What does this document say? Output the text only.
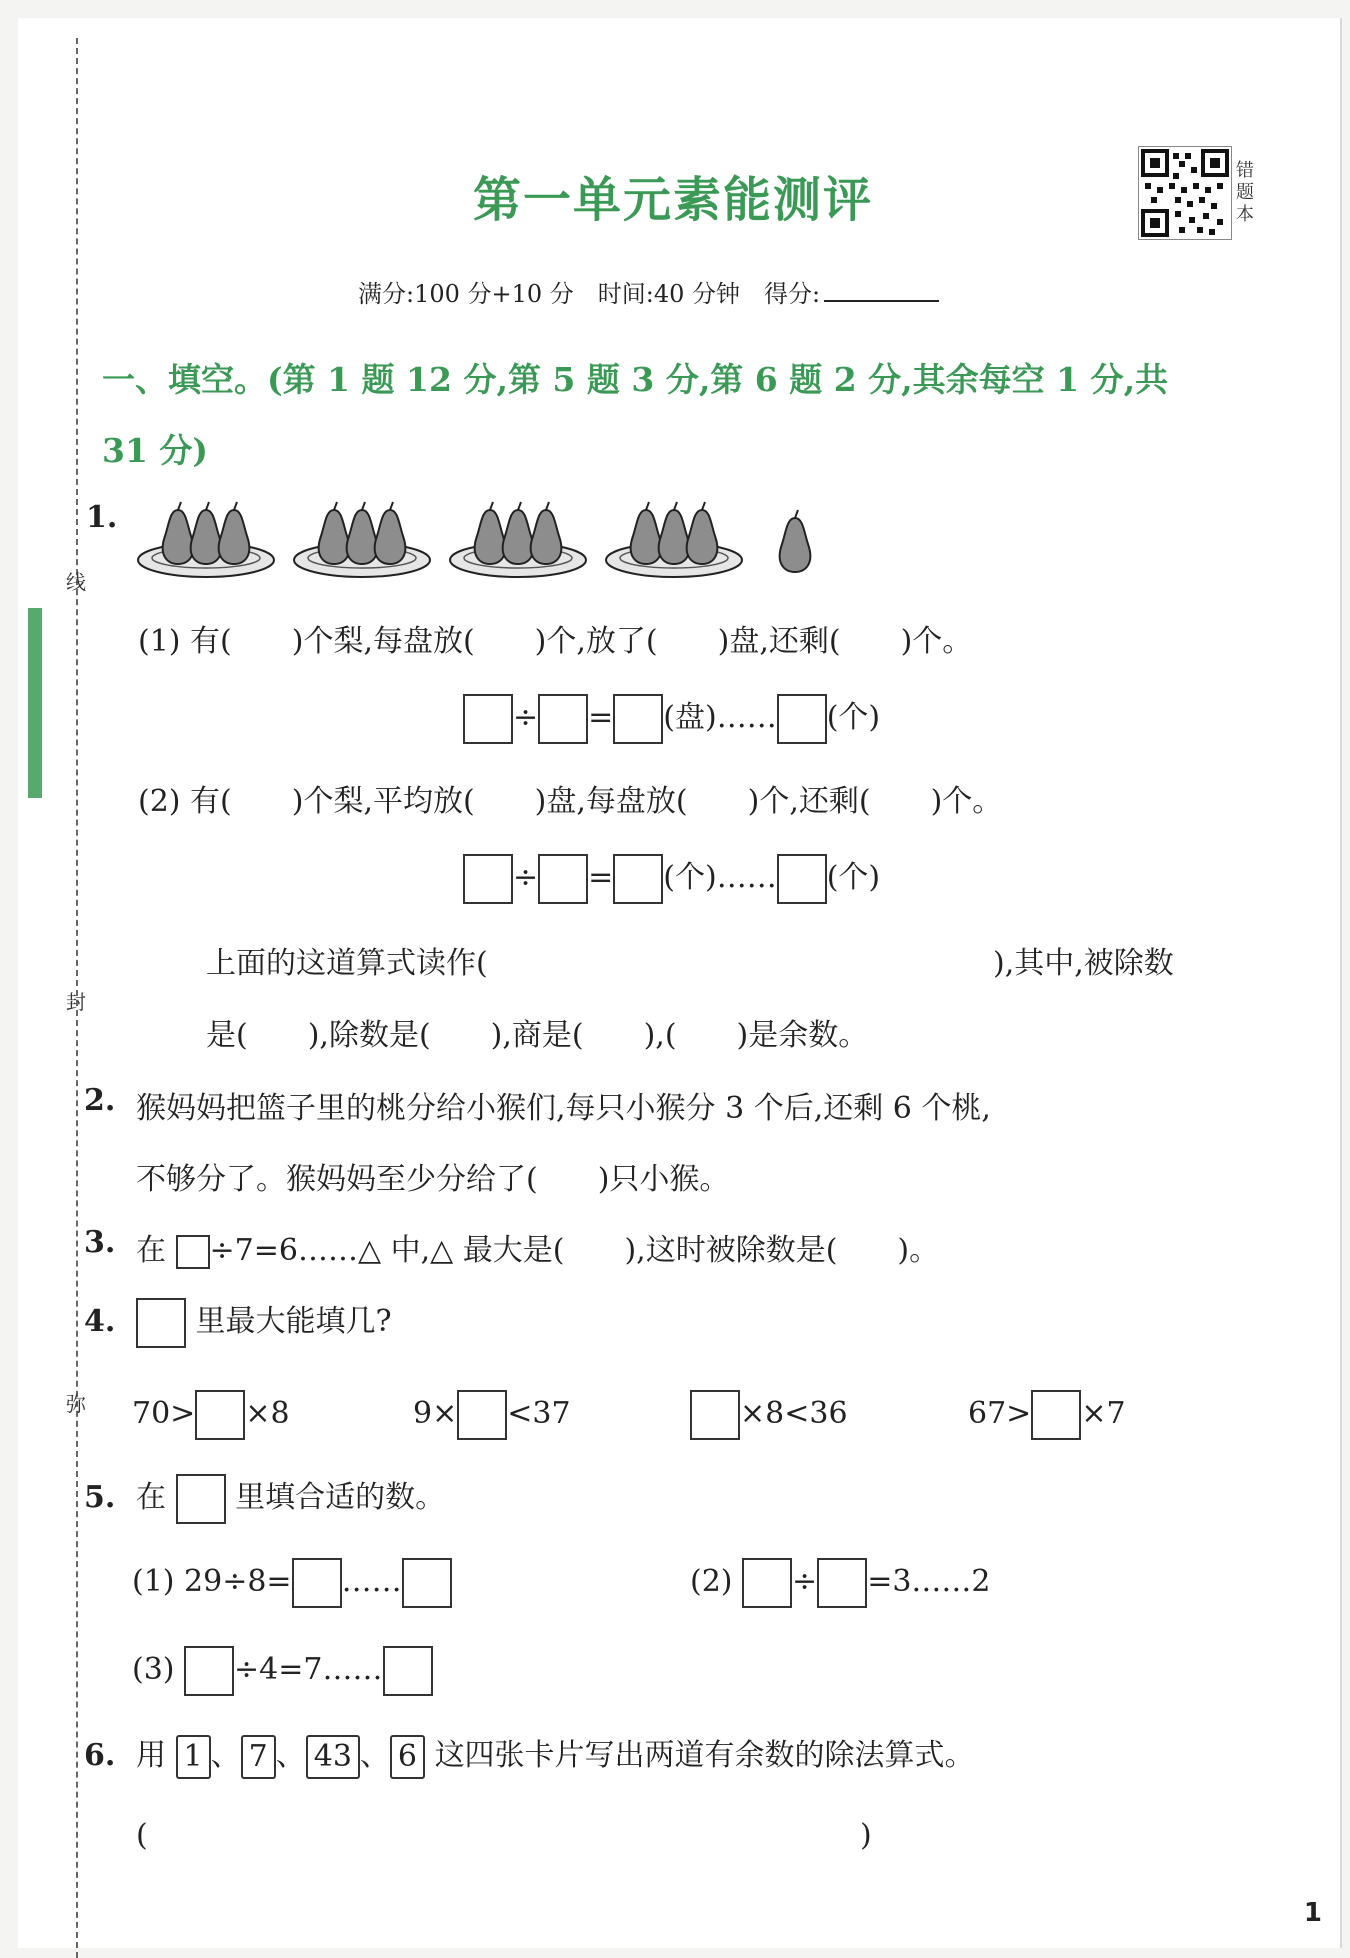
线
封
弥
第一单元素能测评
错题本
满分:100 分+10 分　时间:40 分钟　得分:
一、填空。(第 1 题 12 分,第 5 题 3 分,第 6 题 2 分,其余每空 1 分,共
31 分)
1.
(1) 有(　　)个梨,每盘放(　　)个,放了(　　)盘,还剩(　　)个。
÷ = (盘)…… (个)
(2) 有(　　)个梨,平均放(　　)盘,每盘放(　　)个,还剩(　　)个。
÷ = (个)…… (个)
上面的这道算式读作(	),其中,被除数
是(　　),除数是(　　),商是(　　),(　　)是余数。
2. 猴妈妈把篮子里的桃分给小猴们,每只小猴分 3 个后,还剩 6 个桃,
不够分了。猴妈妈至少分给了(　　)只小猴。
3. 在 ÷7=6……△ 中,△ 最大是(　　),这时被除数是(　　)。
4.	里最大能填几?
70> ×8	9× <37	×8<36	67> ×7
5. 在 里填合适的数。
(1) 29÷8= ……	(2) ÷ =3……2
(3) ÷4=7……
6. 用 1 、 7 、 43 、 6 这四张卡片写出两道有余数的除法算式。
(	)
1
